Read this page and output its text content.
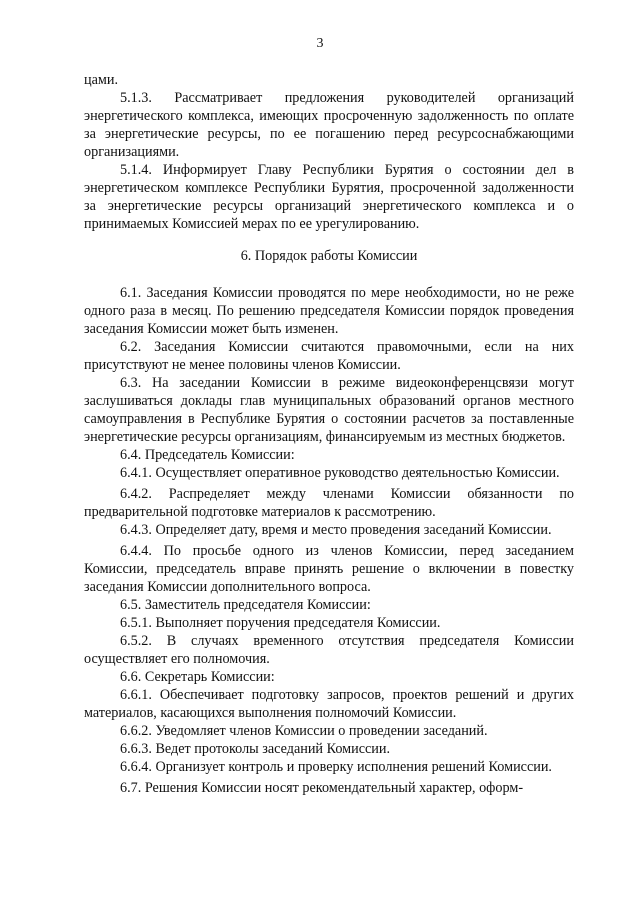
3

цами.

5.1.3. Рассматривает предложения руководителей организаций энергетического комплекса, имеющих просроченную задолженность по оплате за энергетические ресурсы, по ее погашению перед ресурсоснабжающими организациями.

5.1.4. Информирует Главу Республики Бурятия о состоянии дел в энергетическом комплексе Республики Бурятия, просроченной задолженности за энергетические ресурсы организаций энергетического комплекса и о принимаемых Комиссией мерах по ее урегулированию.

6. Порядок работы Комиссии

6.1. Заседания Комиссии проводятся по мере необходимости, но не реже одного раза в месяц. По решению председателя Комиссии порядок проведения заседания Комиссии может быть изменен.

6.2. Заседания Комиссии считаются правомочными, если на них присутствуют не менее половины членов Комиссии.

6.3. На заседании Комиссии в режиме видеоконференцсвязи могут заслушиваться доклады глав муниципальных образований органов местного самоуправления в Республике Бурятия о состоянии расчетов за поставленные энергетические ресурсы организациям, финансируемым из местных бюджетов.

6.4. Председатель Комиссии:

6.4.1. Осуществляет оперативное руководство деятельностью Комиссии.

6.4.2. Распределяет между членами Комиссии обязанности по предварительной подготовке материалов к рассмотрению.

6.4.3. Определяет дату, время и место проведения заседаний Комиссии.

6.4.4. По просьбе одного из членов Комиссии, перед заседанием Комиссии, председатель вправе принять решение о включении в повестку заседания Комиссии дополнительного вопроса.

6.5. Заместитель председателя Комиссии:

6.5.1. Выполняет поручения председателя Комиссии.

6.5.2. В случаях временного отсутствия председателя Комиссии осуществляет его полномочия.

6.6. Секретарь Комиссии:

6.6.1. Обеспечивает подготовку запросов, проектов решений и других материалов, касающихся выполнения полномочий Комиссии.

6.6.2. Уведомляет членов Комиссии о проведении заседаний.

6.6.3. Ведет протоколы заседаний Комиссии.

6.6.4. Организует контроль и проверку исполнения решений Комиссии.

6.7. Решения Комиссии носят рекомендательный характер, оформ-
